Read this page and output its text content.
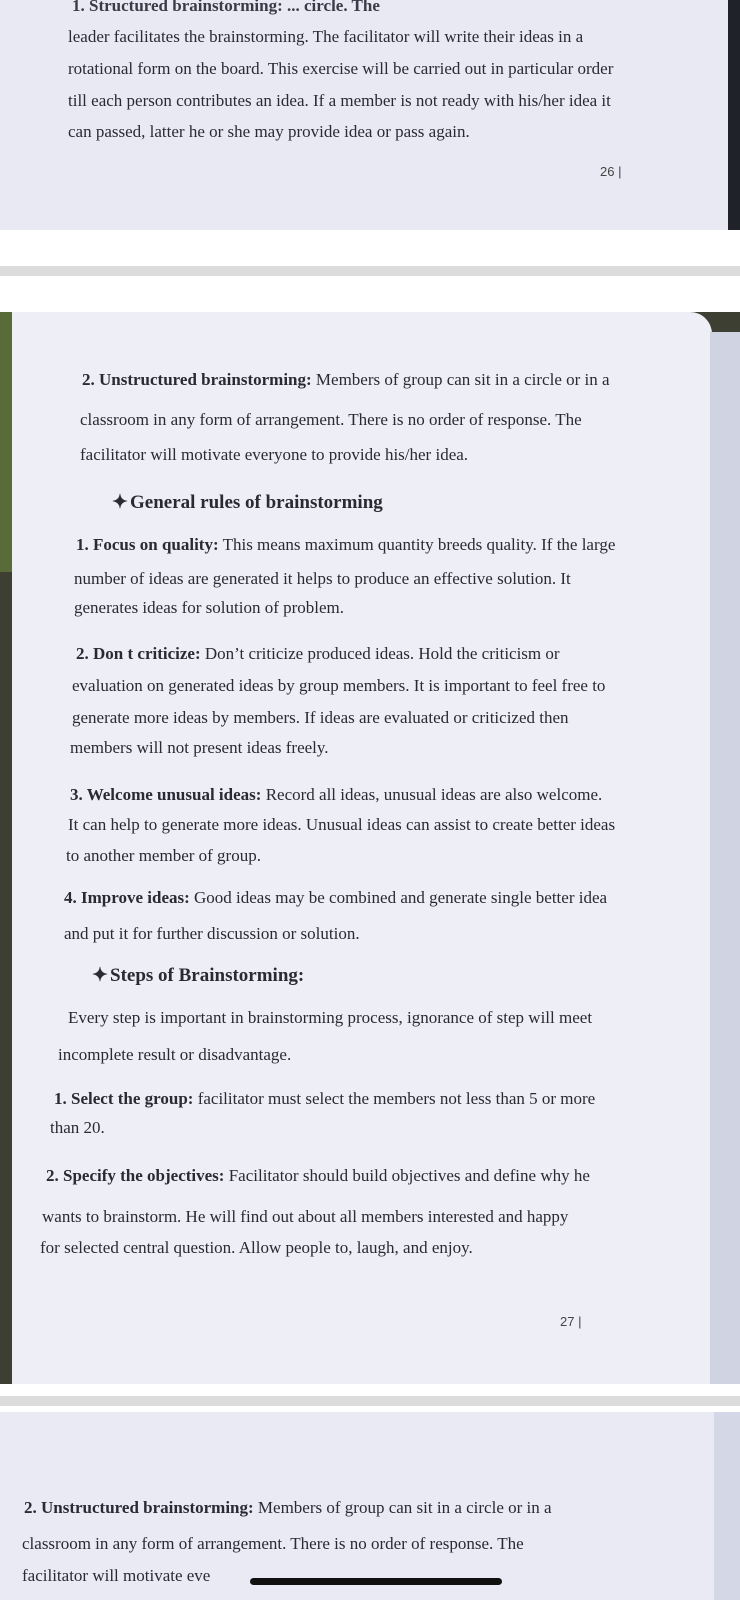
1. Structured brainstorming: ... circle. The
leader facilitates the brainstorming. The facilitator will write their ideas in a
rotational form on the board. This exercise will be carried out in particular order
till each person contributes an idea. If a member is not ready with his/her idea it
can passed, latter he or she may provide idea or pass again.
26 |
2. Unstructured brainstorming: Members of group can sit in a circle or in a
classroom in any form of arrangement. There is no order of response. The
facilitator will motivate everyone to provide his/her idea.
✦ General rules of brainstorming
1. Focus on quality: This means maximum quantity breeds quality. If the large
number of ideas are generated it helps to produce an effective solution. It
generates ideas for solution of problem.
2. Don t criticize: Don’t criticize produced ideas. Hold the criticism or
evaluation on generated ideas by group members. It is important to feel free to
generate more ideas by members. If ideas are evaluated or criticized then
members will not present ideas freely.
3. Welcome unusual ideas: Record all ideas, unusual ideas are also welcome.
It can help to generate more ideas. Unusual ideas can assist to create better ideas
to another member of group.
4. Improve ideas: Good ideas may be combined and generate single better idea
and put it for further discussion or solution.
✦ Steps of Brainstorming:
Every step is important in brainstorming process, ignorance of step will meet
incomplete result or disadvantage.
1. Select the group: facilitator must select the members not less than 5 or more
than 20.
2. Specify the objectives: Facilitator should build objectives and define why he
wants to brainstorm. He will find out about all members interested and happy
for selected central question. Allow people to, laugh, and enjoy.
27 |
2. Unstructured brainstorming: Members of group can sit in a circle or in a
classroom in any form of arrangement. There is no order of response. The
facilitator will motivate eve
